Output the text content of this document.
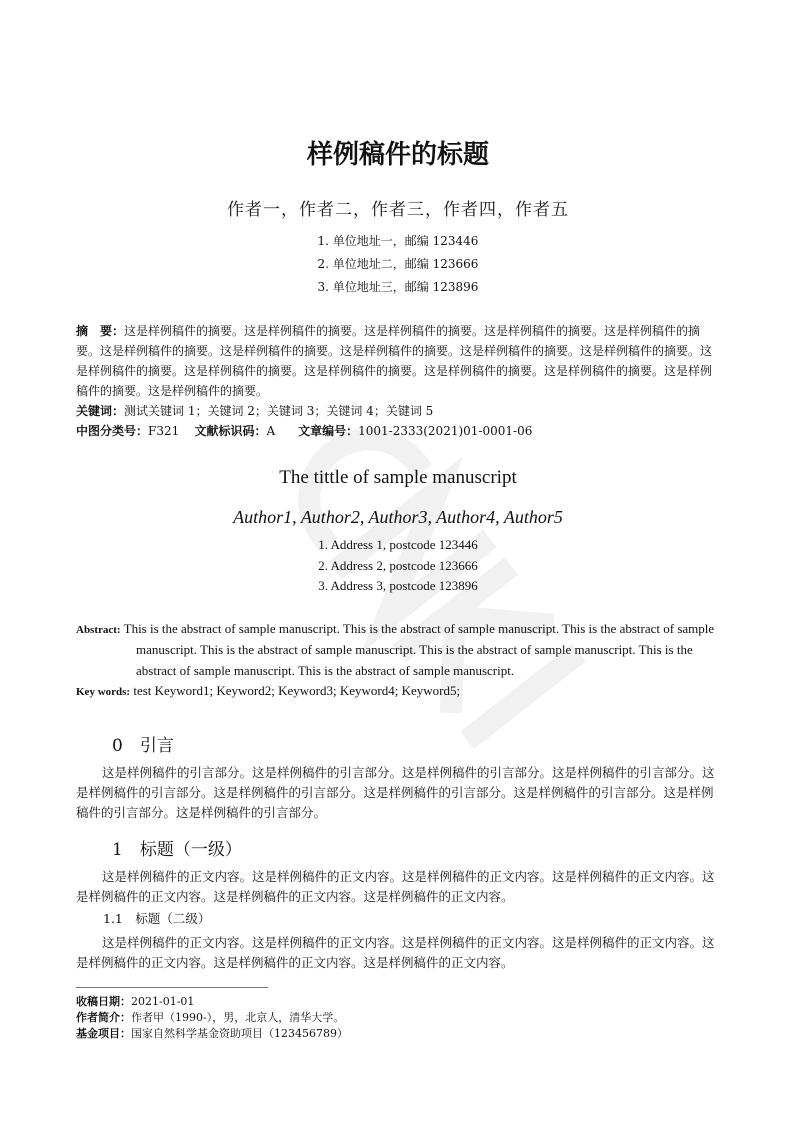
样例稿件的标题
作者一，作者二，作者三，作者四，作者五
1. 单位地址一，邮编 123446
2. 单位地址二，邮编 123666
3. 单位地址三，邮编 123896
摘　要：这是样例稿件的摘要。这是样例稿件的摘要。这是样例稿件的摘要。这是样例稿件的摘要。这是样例稿件的摘要。这是样例稿件的摘要。这是样例稿件的摘要。这是样例稿件的摘要。这是样例稿件的摘要。这是样例稿件的摘要。这是样例稿件的摘要。这是样例稿件的摘要。这是样例稿件的摘要。这是样例稿件的摘要。这是样例稿件的摘要。这是样例稿件的摘要。这是样例稿件的摘要。
关键词：测试关键词 1；关键词 2；关键词 3；关键词 4；关键词 5
中图分类号：F321 文献标识码：A 文章编号：1001-2333(2021)01-0001-06
The tittle of sample manuscript
Author1, Author2, Author3, Author4, Author5
1. Address 1, postcode 123446
2. Address 2, postcode 123666
3. Address 3, postcode 123896
Abstract: This is the abstract of sample manuscript. This is the abstract of sample manuscript. This is the abstract of sample manuscript. This is the abstract of sample manuscript. This is the abstract of sample manuscript. This is the abstract of sample manuscript. This is the abstract of sample manuscript.
Key words: test Keyword1; Keyword2; Keyword3; Keyword4; Keyword5;
0　引言
这是样例稿件的引言部分。这是样例稿件的引言部分。这是样例稿件的引言部分。这是样例稿件的引言部分。这是样例稿件的引言部分。这是样例稿件的引言部分。这是样例稿件的引言部分。这是样例稿件的引言部分。这是样例稿件的引言部分。这是样例稿件的引言部分。
1　标题（一级）
这是样例稿件的正文内容。这是样例稿件的正文内容。这是样例稿件的正文内容。这是样例稿件的正文内容。这是样例稿件的正文内容。这是样例稿件的正文内容。这是样例稿件的正文内容。
1.1　标题（二级）
这是样例稿件的正文内容。这是样例稿件的正文内容。这是样例稿件的正文内容。这是样例稿件的正文内容。这是样例稿件的正文内容。这是样例稿件的正文内容。这是样例稿件的正文内容。
收稿日期：2021-01-01
作者简介：作者甲（1990-），男，北京人，清华大学。
基金项目：国家自然科学基金资助项目（123456789）
